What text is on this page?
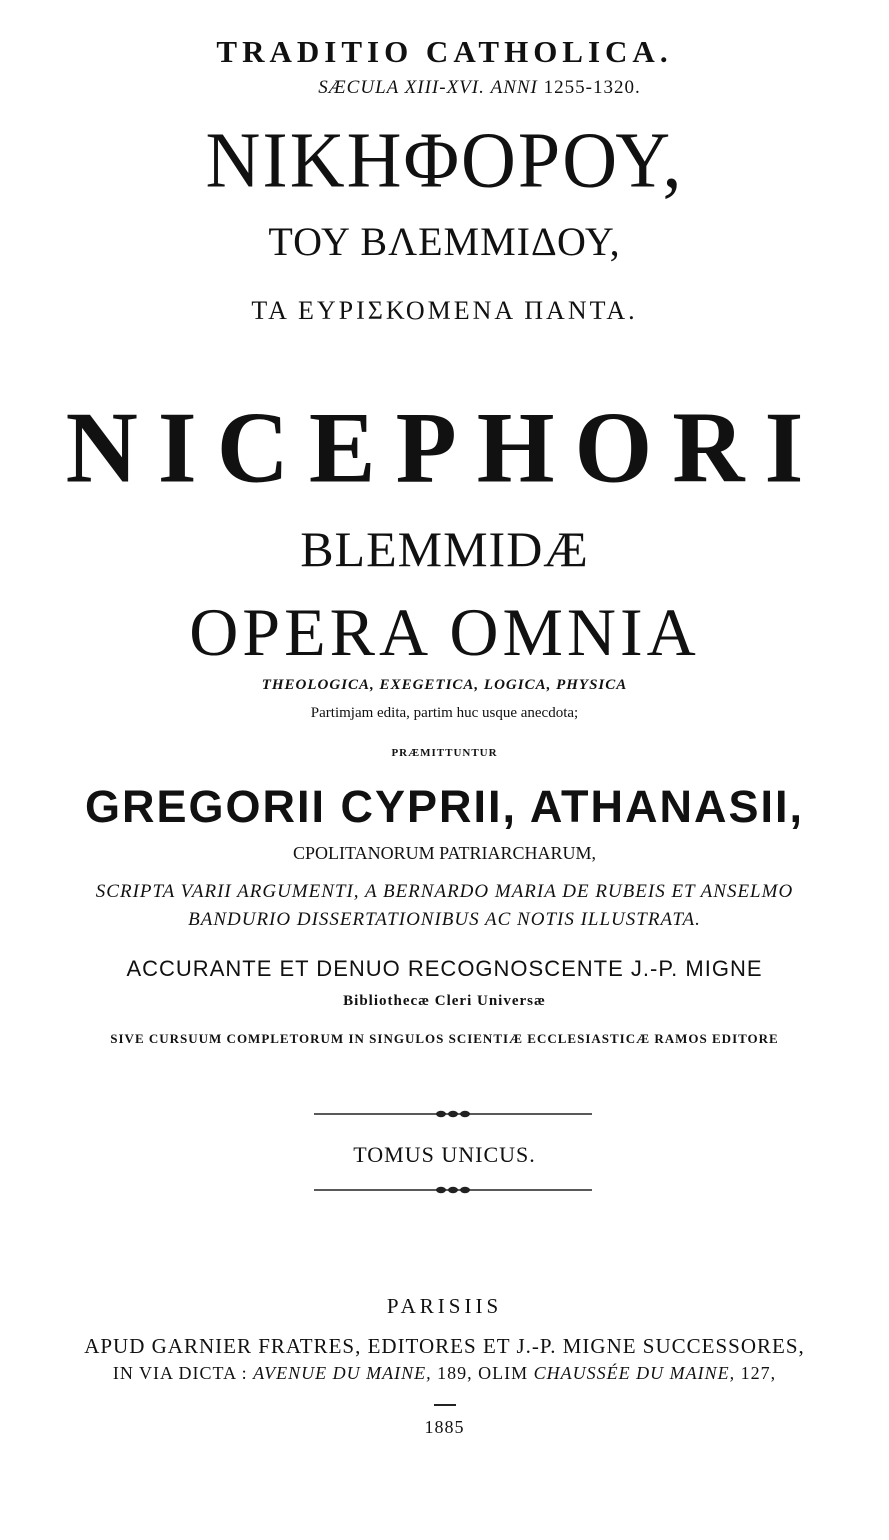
TRADITIO CATHOLICA.
SÆCULA XIII-XVI. ANNI 1255-1320.
ΝΙΚΗΦΟΡΟΥ,
ΤΟΥ ΒΛΕΜΜΙΔΟΥ,
ΤΑ ΕΥΡΙΣΚΟΜΕΝΑ ΠΑΝΤΑ.
NICEPHORI
BLEMMIDÆ
OPERA OMNIA
THEOLOGICA, EXEGETICA, LOGICA, PHYSICA
Partimjam edita, partim huc usque anecdota;
PRÆMITTUNTUR
GREGORII CYPRII, ATHANASII,
CPOLITANORUM PATRIARCHARUM,
SCRIPTA VARII ARGUMENTI, A BERNARDO MARIA DE RUBEIS ET ANSELMO
BANDURIO DISSERTATIONIBUS AC NOTIS ILLUSTRATA.
ACCURANTE ET DENUO RECOGNOSCENTE J.-P. MIGNE
Bibliothecæ Cleri Universæ
SIVE CURSUUM COMPLETORUM IN SINGULOS SCIENTIÆ ECCLESIASTICÆ RAMOS EDITORE
TOMUS UNICUS.
PARISIIS
APUD GARNIER FRATRES, EDITORES ET J.-P. MIGNE SUCCESSORES,
IN VIA DICTA : AVENUE DU MAINE, 189, OLIM CHAUSSÉE DU MAINE, 127,
1885
